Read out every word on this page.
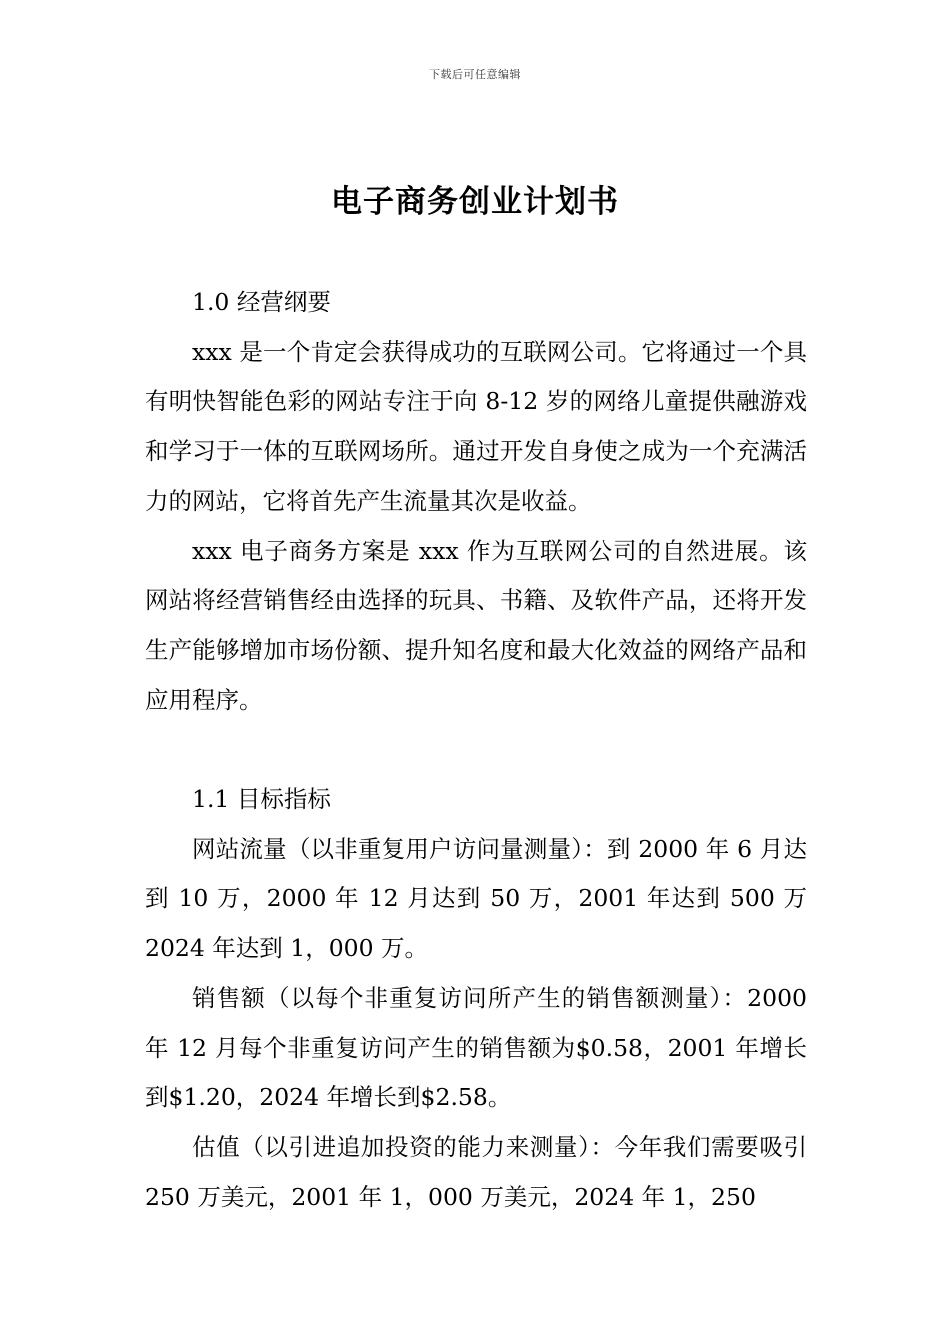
下载后可任意编辑
电子商务创业计划书

1.0 经营纲要

xxx 是一个肯定会获得成功的互联网公司。它将通过一个具有明快智能色彩的网站专注于向 8-12 岁的网络儿童提供融游戏和学习于一体的互联网场所。通过开发自身使之成为一个充满活力的网站，它将首先产生流量其次是收益。

xxx 电子商务方案是 xxx 作为互联网公司的自然进展。该网站将经营销售经由选择的玩具、书籍、及软件产品，还将开发生产能够增加市场份额、提升知名度和最大化效益的网络产品和应用程序。

1.1 目标指标

网站流量（以非重复用户访问量测量）：到 2000 年 6 月达到 10 万，2000 年 12 月达到 50 万，2001 年达到 500 万 2024 年达到 1，000 万。

销售额（以每个非重复访问所产生的销售额测量）：2000 年 12 月每个非重复访问产生的销售额为$0.58，2001 年增长到$1.20，2024 年增长到$2.58。

估值（以引进追加投资的能力来测量）：今年我们需要吸引 250 万美元，2001 年 1，000 万美元，2024 年 1，250
